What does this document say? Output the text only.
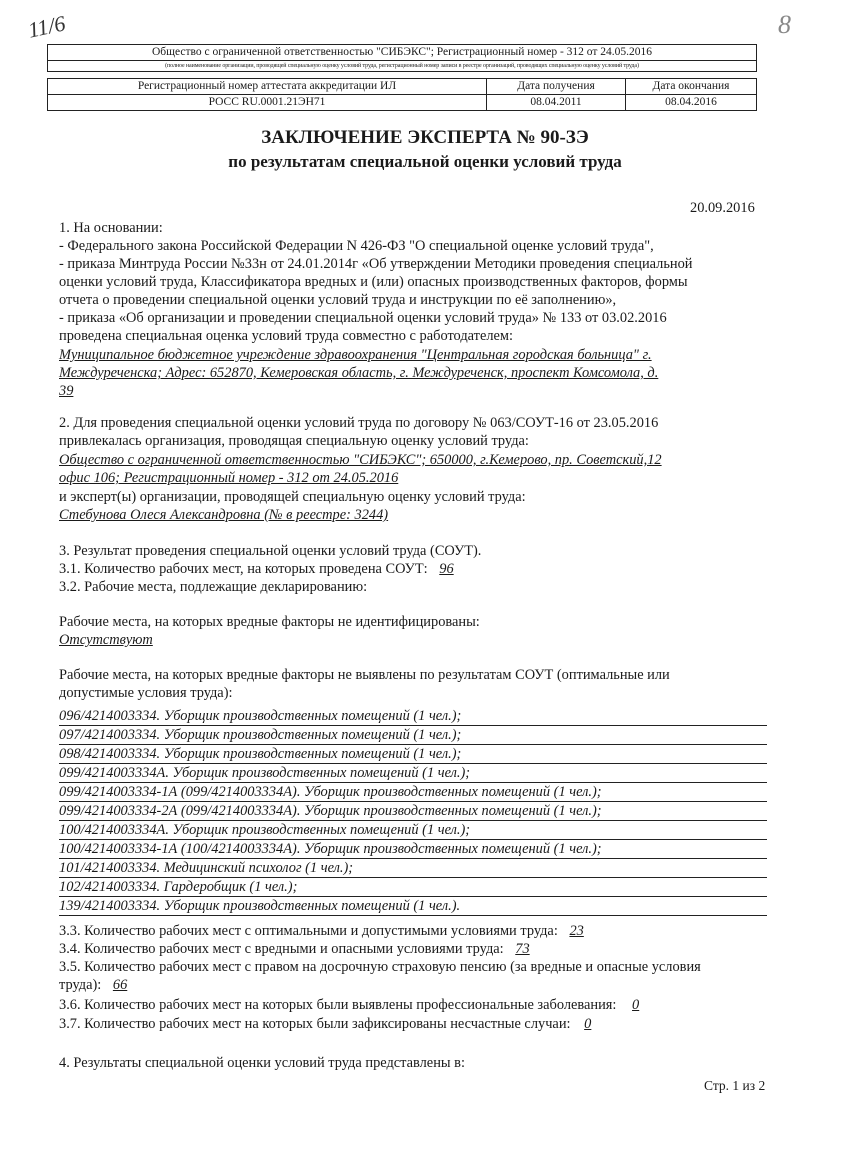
11/6	8
Общество с ограниченной ответственностью "СИБЭКС"; Регистрационный номер - 312 от 24.05.2016		
(полное наименование организации, проводящей специальную оценку условий труда, регистрационный номер записи в реестре организаций, проводящих специальную оценку условий труда)		

Регистрационный номер аттестата аккредитации ИЛ	Дата получения	Дата окончания
РОСС RU.0001.21ЭН71	08.04.2011	08.04.2016
ЗАКЛЮЧЕНИЕ ЭКСПЕРТА № 90-ЗЭ
по результатам специальной оценки условий труда
20.09.2016
1. На основании:
- Федерального закона Российской Федерации N 426-ФЗ "О специальной оценке условий труда",
- приказа Минтруда России №33н от 24.01.2014г «Об утверждении Методики проведения специальной
оценки условий труда, Классификатора вредных и (или) опасных производственных факторов, формы
отчета о проведении специальной оценки условий труда и инструкции по её заполнению»,
- приказа «Об организации и проведении специальной оценки условий труда» № 133 от 03.02.2016
проведена специальная оценка условий труда совместно с работодателем:
Муниципальное бюджетное учреждение здравоохранения "Центральная городская больница" г.
Междуреченска; Адрес: 652870, Кемеровская область, г. Междуреченск, проспект Комсомола, д.
39
2. Для проведения специальной оценки условий труда по договору № 063/СОУТ-16 от 23.05.2016
привлекалась организация, проводящая специальную оценку условий труда:
Общество с ограниченной ответственностью "СИБЭКС"; 650000, г.Кемерово, пр. Советский,12
офис 106; Регистрационный номер - 312 от 24.05.2016
и эксперт(ы) организации, проводящей специальную оценку условий труда:
Стебунова Олеся Александровна (№ в реестре: 3244)
3. Результат проведения специальной оценки условий труда (СОУТ).
3.1. Количество рабочих мест, на которых проведена СОУТ: 96
3.2. Рабочие места, подлежащие декларированию:
Рабочие места, на которых вредные факторы не идентифицированы:
Отсутствуют
Рабочие места, на которых вредные факторы не выявлены по результатам СОУТ (оптимальные или
допустимые условия труда):
096/4214003334. Уборщик производственных помещений (1 чел.);
097/4214003334. Уборщик производственных помещений (1 чел.);
098/4214003334. Уборщик производственных помещений (1 чел.);
099/4214003334А. Уборщик производственных помещений (1 чел.);
099/4214003334-1А (099/4214003334А). Уборщик производственных помещений (1 чел.);
099/4214003334-2А (099/4214003334А). Уборщик производственных помещений (1 чел.);
100/4214003334А. Уборщик производственных помещений (1 чел.);
100/4214003334-1А (100/4214003334А). Уборщик производственных помещений (1 чел.);
101/4214003334. Медицинский психолог (1 чел.);
102/4214003334. Гардеробщик (1 чел.);
139/4214003334. Уборщик производственных помещений (1 чел.).
3.3. Количество рабочих мест с оптимальными и допустимыми условиями труда: 23
3.4. Количество рабочих мест с вредными и опасными условиями труда: 73
3.5. Количество рабочих мест с правом на досрочную страховую пенсию (за вредные и опасные условия
труда): 66
3.6. Количество рабочих мест на которых были выявлены профессиональные заболевания: 0
3.7. Количество рабочих мест на которых были зафиксированы несчастные случаи: 0
4. Результаты специальной оценки условий труда представлены в:
Стр. 1 из 2
